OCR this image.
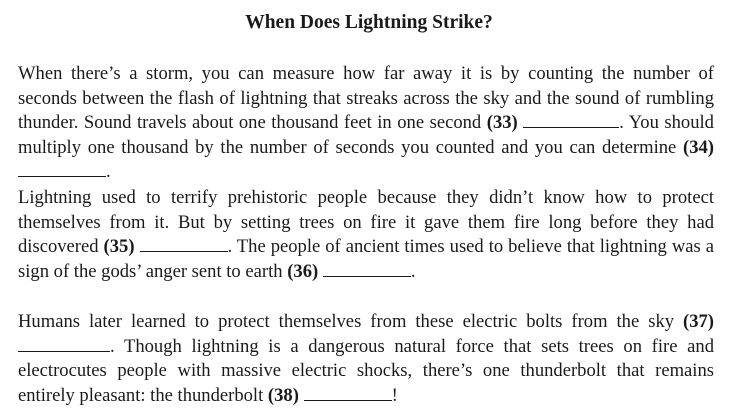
When Does Lightning Strike?

When there’s a storm, you can measure how far away it is by counting the number of seconds between the flash of lightning that streaks across the sky and the sound of rumbling thunder. Sound travels about one thousand feet in one second (33)	. You should multiply one thousand by the number of seconds you counted and you can determine (34) .

Lightning used to terrify prehistoric people because they didn’t know how to protect themselves from it. But by setting trees on fire it gave them fire long before they had discovered (35)	. The people of ancient times used to believe that lightning was a sign of the gods’ anger sent to earth (36)	.

Humans later learned to protect themselves from these electric bolts from the sky (37) . Though lightning is a dangerous natural force that sets trees on fire and electrocutes people with massive electric shocks, there’s one thunderbolt that remains entirely pleasant: the thunderbolt (38)	!
